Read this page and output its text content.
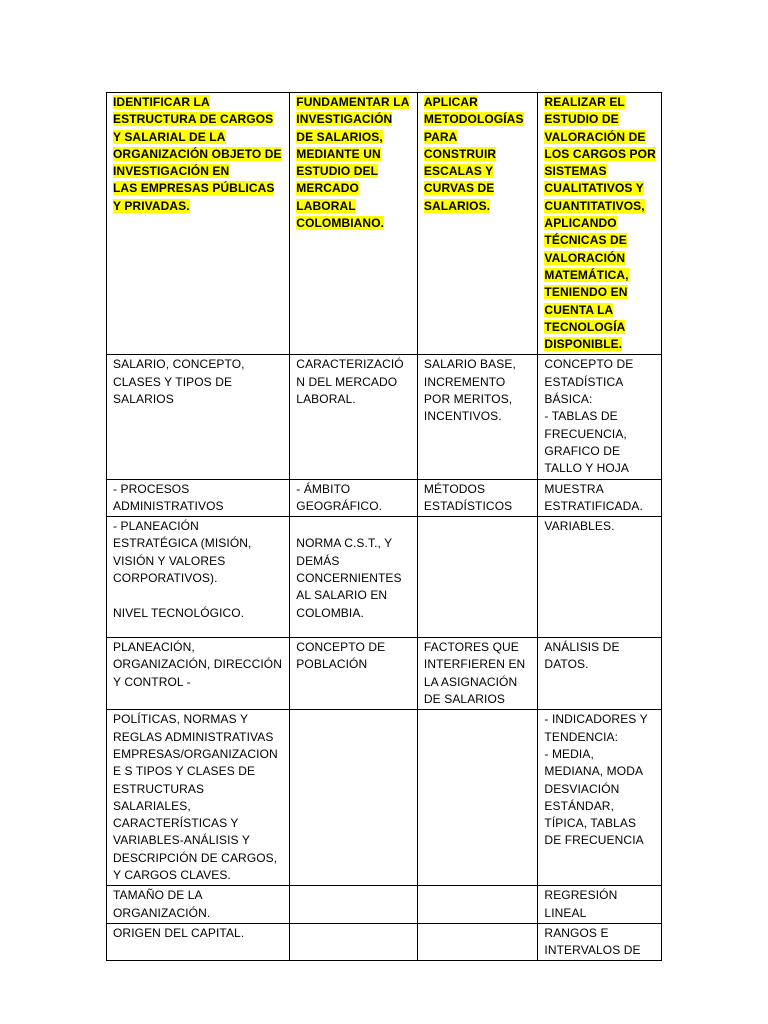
IDENTIFICAR LA ESTRUCTURA DE CARGOS Y SALARIAL DE LA ORGANIZACIÓN OBJETO DE INVESTIGACIÓN EN
LAS EMPRESAS PÚBLICAS Y PRIVADAS.	FUNDAMENTAR LA INVESTIGACIÓN DE SALARIOS, MEDIANTE UN ESTUDIO DEL MERCADO LABORAL COLOMBIANO.	APLICAR METODOLOGÍAS PARA CONSTRUIR ESCALAS Y CURVAS DE SALARIOS.	REALIZAR EL ESTUDIO DE VALORACIÓN DE LOS CARGOS POR SISTEMAS CUALITATIVOS Y CUANTITATIVOS, APLICANDO TÉCNICAS DE VALORACIÓN MATEMÁTICA, TENIENDO EN CUENTA LA TECNOLOGÍA DISPONIBLE.
SALARIO, CONCEPTO, CLASES Y TIPOS DE SALARIOS	CARACTERIZACIÓN DEL MERCADO LABORAL.	SALARIO BASE, INCREMENTO POR MERITOS, INCENTIVOS.	CONCEPTO DE ESTADÍSTICA BÁSICA:
- TABLAS DE FRECUENCIA, GRAFICO DE TALLO Y HOJA
- PROCESOS ADMINISTRATIVOS	- ÁMBITO GEOGRÁFICO.	MÉTODOS ESTADÍSTICOS	MUESTRA ESTRATIFICADA.
- PLANEACIÓN ESTRATÉGICA (MISIÓN, VISIÓN Y VALORES CORPORATIVOS).

NIVEL TECNOLÓGICO.	
NORMA C.S.T., Y DEMÁS CONCERNIENTES AL SALARIO EN COLOMBIA.		VARIABLES.
PLANEACIÓN, ORGANIZACIÓN, DIRECCIÓN Y CONTROL -	CONCEPTO DE POBLACIÓN	FACTORES QUE INTERFIEREN EN LA ASIGNACIÓN DE SALARIOS	ANÁLISIS DE DATOS.
POLÍTICAS, NORMAS Y REGLAS ADMINISTRATIVAS EMPRESAS/ORGANIZACIONE S TIPOS Y CLASES DE ESTRUCTURAS SALARIALES, CARACTERÍSTICAS Y VARIABLES-ANÁLISIS Y DESCRIPCIÓN DE CARGOS, Y CARGOS CLAVES.			- INDICADORES Y TENDENCIA:
- MEDIA, MEDIANA, MODA DESVIACIÓN ESTÁNDAR, TÍPICA, TABLAS DE FRECUENCIA
TAMAÑO DE LA ORGANIZACIÓN.			REGRESIÓN LINEAL
ORIGEN DEL CAPITAL.			RANGOS E INTERVALOS DE
